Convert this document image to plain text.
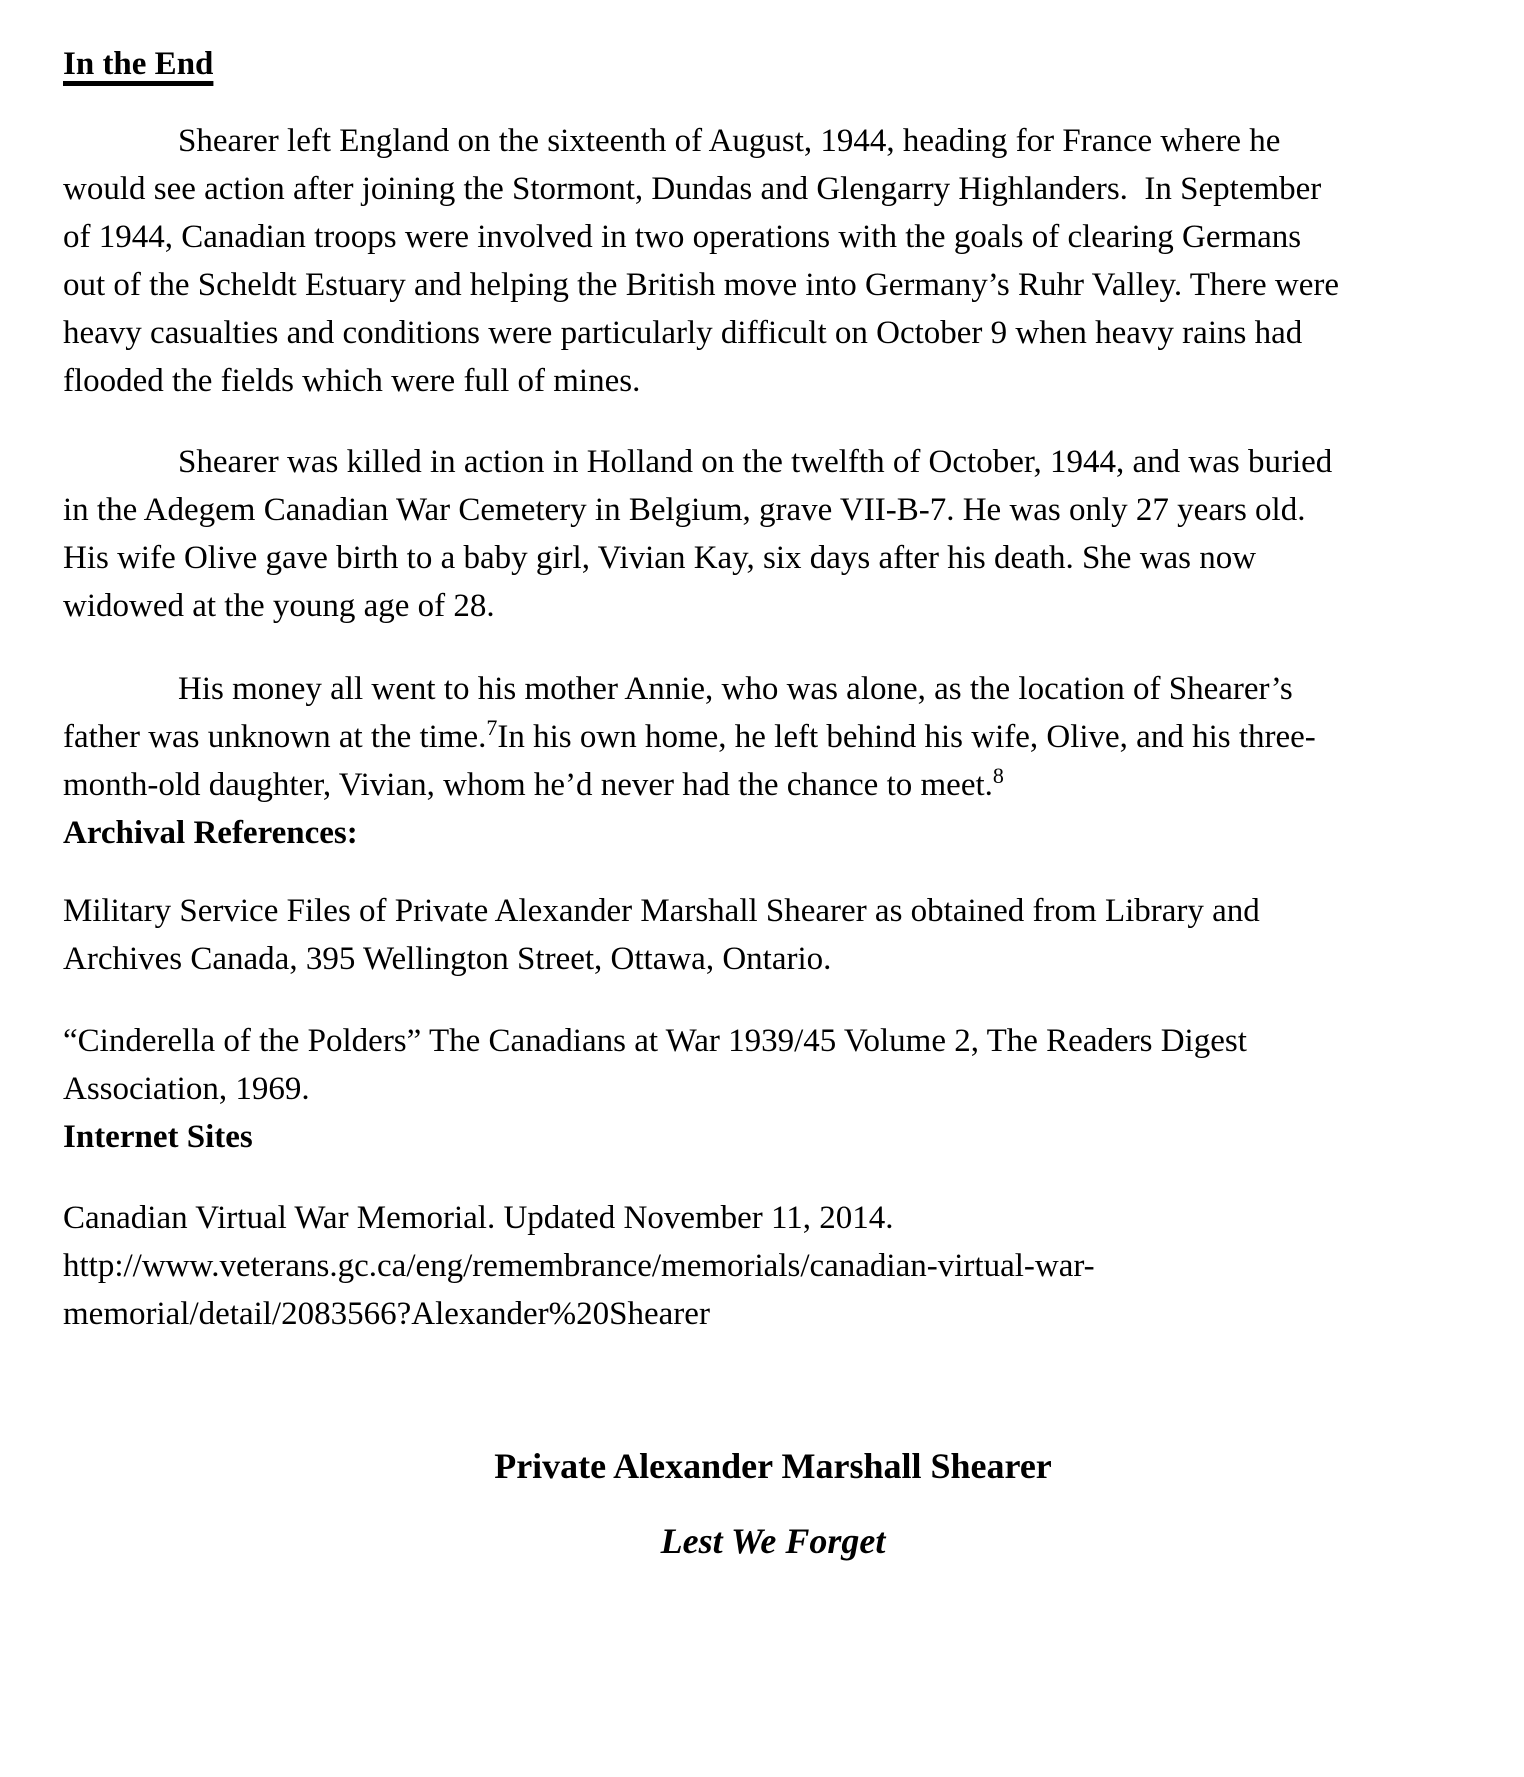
In the End
Shearer left England on the sixteenth of August, 1944, heading for France where he
would see action after joining the Stormont, Dundas and Glengarry Highlanders.  In September
of 1944, Canadian troops were involved in two operations with the goals of clearing Germans
out of the Scheldt Estuary and helping the British move into Germany’s Ruhr Valley. There were
heavy casualties and conditions were particularly difficult on October 9 when heavy rains had
flooded the fields which were full of mines.
Shearer was killed in action in Holland on the twelfth of October, 1944, and was buried
in the Adegem Canadian War Cemetery in Belgium, grave VII-B-7. He was only 27 years old.
His wife Olive gave birth to a baby girl, Vivian Kay, six days after his death. She was now
widowed at the young age of 28.
His money all went to his mother Annie, who was alone, as the location of Shearer’s
father was unknown at the time.$^7$In his own home, he left behind his wife, Olive, and his three-
month-old daughter, Vivian, whom he’d never had the chance to meet.$^8$
Archival References:
Military Service Files of Private Alexander Marshall Shearer as obtained from Library and
Archives Canada, 395 Wellington Street, Ottawa, Ontario.
“Cinderella of the Polders” The Canadians at War 1939/45 Volume 2, The Readers Digest
Association, 1969.
Internet Sites
Canadian Virtual War Memorial. Updated November 11, 2014.
http://www.veterans.gc.ca/eng/remembrance/memorials/canadian-virtual-war-
memorial/detail/2083566?Alexander%20Shearer
Private Alexander Marshall Shearer
Lest We Forget
